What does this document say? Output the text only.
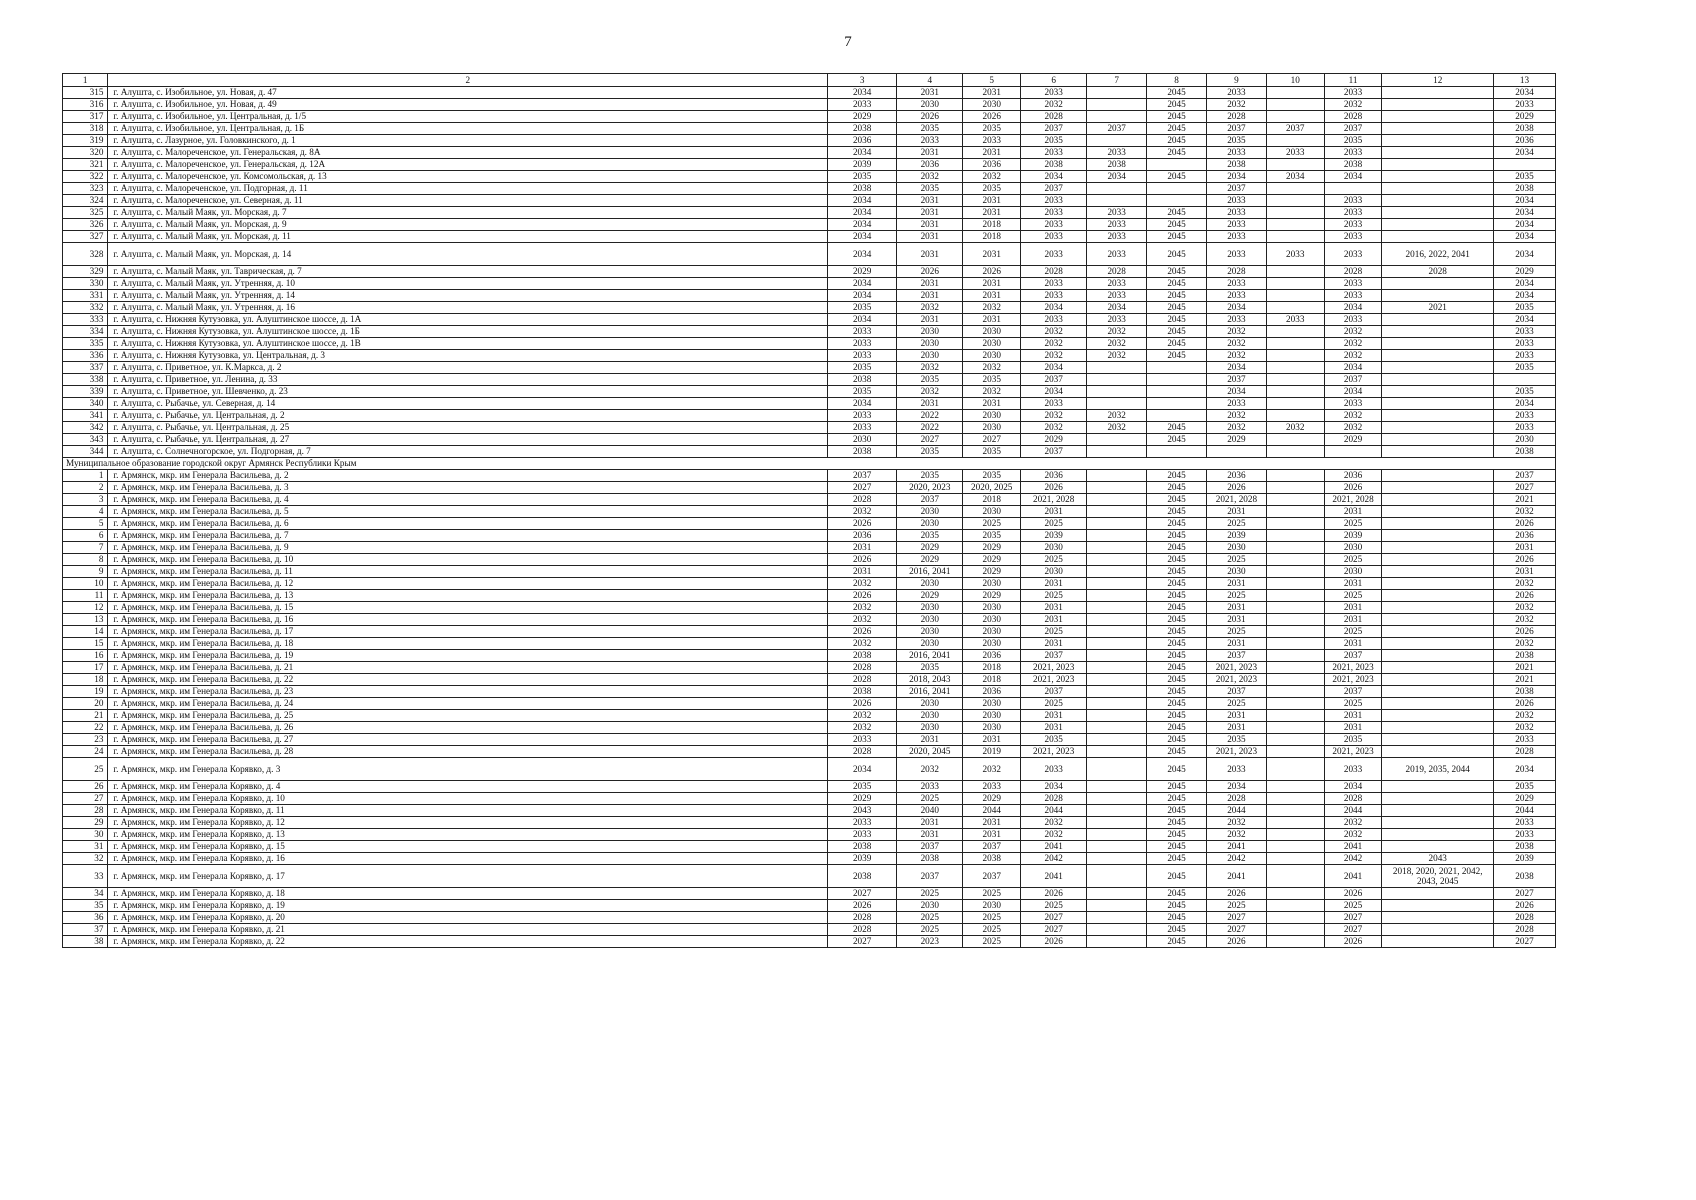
7
1	2	3	4	5	6	7	8	9	10	11	12	13
315	г. Алушта, с. Изобильное, ул. Новая, д. 47	2034	2031	2031	2033		2045	2033		2033		2034
316	г. Алушта, с. Изобильное, ул. Новая, д. 49	2033	2030	2030	2032		2045	2032		2032		2033
317	г. Алушта, с. Изобильное, ул. Центральная, д. 1/5	2029	2026	2026	2028		2045	2028		2028		2029
318	г. Алушта, с. Изобильное, ул. Центральная, д. 1Б	2038	2035	2035	2037	2037	2045	2037	2037	2037		2038
319	г. Алушта, с. Лазурное, ул. Головкинского, д. 1	2036	2033	2033	2035		2045	2035		2035		2036
320	г. Алушта, с. Малореченское, ул. Генеральская, д. 8А	2034	2031	2031	2033	2033	2045	2033	2033	2033		2034
321	г. Алушта, с. Малореченское, ул. Генеральская, д. 12А	2039	2036	2036	2038	2038		2038		2038		
322	г. Алушта, с. Малореченское, ул. Комсомольская, д. 13	2035	2032	2032	2034	2034	2045	2034	2034	2034		2035
323	г. Алушта, с. Малореченское, ул. Подгорная, д. 11	2038	2035	2035	2037			2037				2038
324	г. Алушта, с. Малореченское, ул. Северная, д. 11	2034	2031	2031	2033			2033		2033		2034
325	г. Алушта, с. Малый Маяк, ул. Морская, д. 7	2034	2031	2031	2033	2033	2045	2033		2033		2034
326	г. Алушта, с. Малый Маяк, ул. Морская, д. 9	2034	2031	2018	2033	2033	2045	2033		2033		2034
327	г. Алушта, с. Малый Маяк, ул. Морская, д. 11	2034	2031	2018	2033	2033	2045	2033		2033		2034
328	г. Алушта, с. Малый Маяк, ул. Морская, д. 14	2034	2031	2031	2033	2033	2045	2033	2033	2033	2016, 2022, 2041	2034
329	г. Алушта, с. Малый Маяк, ул. Таврическая, д. 7	2029	2026	2026	2028	2028	2045	2028		2028	2028	2029
330	г. Алушта, с. Малый Маяк, ул. Утренняя, д. 10	2034	2031	2031	2033	2033	2045	2033		2033		2034
331	г. Алушта, с. Малый Маяк, ул. Утренняя, д. 14	2034	2031	2031	2033	2033	2045	2033		2033		2034
332	г. Алушта, с. Малый Маяк, ул. Утренняя, д. 16	2035	2032	2032	2034	2034	2045	2034		2034	2021	2035
333	г. Алушта, с. Нижняя Кутузовка, ул. Алуштинское шоссе, д. 1А	2034	2031	2031	2033	2033	2045	2033	2033	2033		2034
334	г. Алушта, с. Нижняя Кутузовка, ул. Алуштинское шоссе, д. 1Б	2033	2030	2030	2032	2032	2045	2032		2032		2033
335	г. Алушта, с. Нижняя Кутузовка, ул. Алуштинское шоссе, д. 1В	2033	2030	2030	2032	2032	2045	2032		2032		2033
336	г. Алушта, с. Нижняя Кутузовка, ул. Центральная, д. 3	2033	2030	2030	2032	2032	2045	2032		2032		2033
337	г. Алушта, с. Приветное, ул. К.Маркса, д. 2	2035	2032	2032	2034			2034		2034		2035
338	г. Алушта, с. Приветное, ул. Ленина, д. 33	2038	2035	2035	2037			2037		2037		
339	г. Алушта, с. Приветное, ул. Шевченко, д. 23	2035	2032	2032	2034			2034		2034		2035
340	г. Алушта, с. Рыбачье, ул. Северная, д. 14	2034	2031	2031	2033			2033		2033		2034
341	г. Алушта, с. Рыбачье, ул. Центральная, д. 2	2033	2022	2030	2032	2032		2032		2032		2033
342	г. Алушта, с. Рыбачье, ул. Центральная, д. 25	2033	2022	2030	2032	2032	2045	2032	2032	2032		2033
343	г. Алушта, с. Рыбачье, ул. Центральная, д. 27	2030	2027	2027	2029		2045	2029		2029		2030
344	г. Алушта, с. Солнечногорское, ул. Подгорная, д. 7	2038	2035	2035	2037							2038
Муниципальное образование городской округ Армянск Республики Крым												
1	г. Армянск, мкр. им Генерала Васильева, д. 2	2037	2035	2035	2036		2045	2036		2036		2037
2	г. Армянск, мкр. им Генерала Васильева, д. 3	2027	2020, 2023	2020, 2025	2026		2045	2026		2026		2027
3	г. Армянск, мкр. им Генерала Васильева, д. 4	2028	2037	2018	2021, 2028		2045	2021, 2028		2021, 2028		2021
4	г. Армянск, мкр. им Генерала Васильева, д. 5	2032	2030	2030	2031		2045	2031		2031		2032
5	г. Армянск, мкр. им Генерала Васильева, д. 6	2026	2030	2025	2025		2045	2025		2025		2026
6	г. Армянск, мкр. им Генерала Васильева, д. 7	2036	2035	2035	2039		2045	2039		2039		2036
7	г. Армянск, мкр. им Генерала Васильева, д. 9	2031	2029	2029	2030		2045	2030		2030		2031
8	г. Армянск, мкр. им Генерала Васильева, д. 10	2026	2029	2029	2025		2045	2025		2025		2026
9	г. Армянск, мкр. им Генерала Васильева, д. 11	2031	2016, 2041	2029	2030		2045	2030		2030		2031
10	г. Армянск, мкр. им Генерала Васильева, д. 12	2032	2030	2030	2031		2045	2031		2031		2032
11	г. Армянск, мкр. им Генерала Васильева, д. 13	2026	2029	2029	2025		2045	2025		2025		2026
12	г. Армянск, мкр. им Генерала Васильева, д. 15	2032	2030	2030	2031		2045	2031		2031		2032
13	г. Армянск, мкр. им Генерала Васильева, д. 16	2032	2030	2030	2031		2045	2031		2031		2032
14	г. Армянск, мкр. им Генерала Васильева, д. 17	2026	2030	2030	2025		2045	2025		2025		2026
15	г. Армянск, мкр. им Генерала Васильева, д. 18	2032	2030	2030	2031		2045	2031		2031		2032
16	г. Армянск, мкр. им Генерала Васильева, д. 19	2038	2016, 2041	2036	2037		2045	2037		2037		2038
17	г. Армянск, мкр. им Генерала Васильева, д. 21	2028	2035	2018	2021, 2023		2045	2021, 2023		2021, 2023		2021
18	г. Армянск, мкр. им Генерала Васильева, д. 22	2028	2018, 2043	2018	2021, 2023		2045	2021, 2023		2021, 2023		2021
19	г. Армянск, мкр. им Генерала Васильева, д. 23	2038	2016, 2041	2036	2037		2045	2037		2037		2038
20	г. Армянск, мкр. им Генерала Васильева, д. 24	2026	2030	2030	2025		2045	2025		2025		2026
21	г. Армянск, мкр. им Генерала Васильева, д. 25	2032	2030	2030	2031		2045	2031		2031		2032
22	г. Армянск, мкр. им Генерала Васильева, д. 26	2032	2030	2030	2031		2045	2031		2031		2032
23	г. Армянск, мкр. им Генерала Васильева, д. 27	2033	2031	2031	2035		2045	2035		2035		2033
24	г. Армянск, мкр. им Генерала Васильева, д. 28	2028	2020, 2045	2019	2021, 2023		2045	2021, 2023		2021, 2023		2028
25	г. Армянск, мкр. им Генерала Корявко, д. 3	2034	2032	2032	2033		2045	2033		2033	2019, 2035, 2044	2034
26	г. Армянск, мкр. им Генерала Корявко, д. 4	2035	2033	2033	2034		2045	2034		2034		2035
27	г. Армянск, мкр. им Генерала Корявко, д. 10	2029	2025	2029	2028		2045	2028		2028		2029
28	г. Армянск, мкр. им Генерала Корявко, д. 11	2043	2040	2044	2044		2045	2044		2044		2044
29	г. Армянск, мкр. им Генерала Корявко, д. 12	2033	2031	2031	2032		2045	2032		2032		2033
30	г. Армянск, мкр. им Генерала Корявко, д. 13	2033	2031	2031	2032		2045	2032		2032		2033
31	г. Армянск, мкр. им Генерала Корявко, д. 15	2038	2037	2037	2041		2045	2041		2041		2038
32	г. Армянск, мкр. им Генерала Корявко, д. 16	2039	2038	2038	2042		2045	2042		2042	2043	2039
33	г. Армянск, мкр. им Генерала Корявко, д. 17	2038	2037	2037	2041		2045	2041		2041	2018, 2020, 2021, 2042, 2043, 2045	2038
34	г. Армянск, мкр. им Генерала Корявко, д. 18	2027	2025	2025	2026		2045	2026		2026		2027
35	г. Армянск, мкр. им Генерала Корявко, д. 19	2026	2030	2030	2025		2045	2025		2025		2026
36	г. Армянск, мкр. им Генерала Корявко, д. 20	2028	2025	2025	2027		2045	2027		2027		2028
37	г. Армянск, мкр. им Генерала Корявко, д. 21	2028	2025	2025	2027		2045	2027		2027		2028
38	г. Армянск, мкр. им Генерала Корявко, д. 22	2027	2023	2025	2026		2045	2026		2026		2027
